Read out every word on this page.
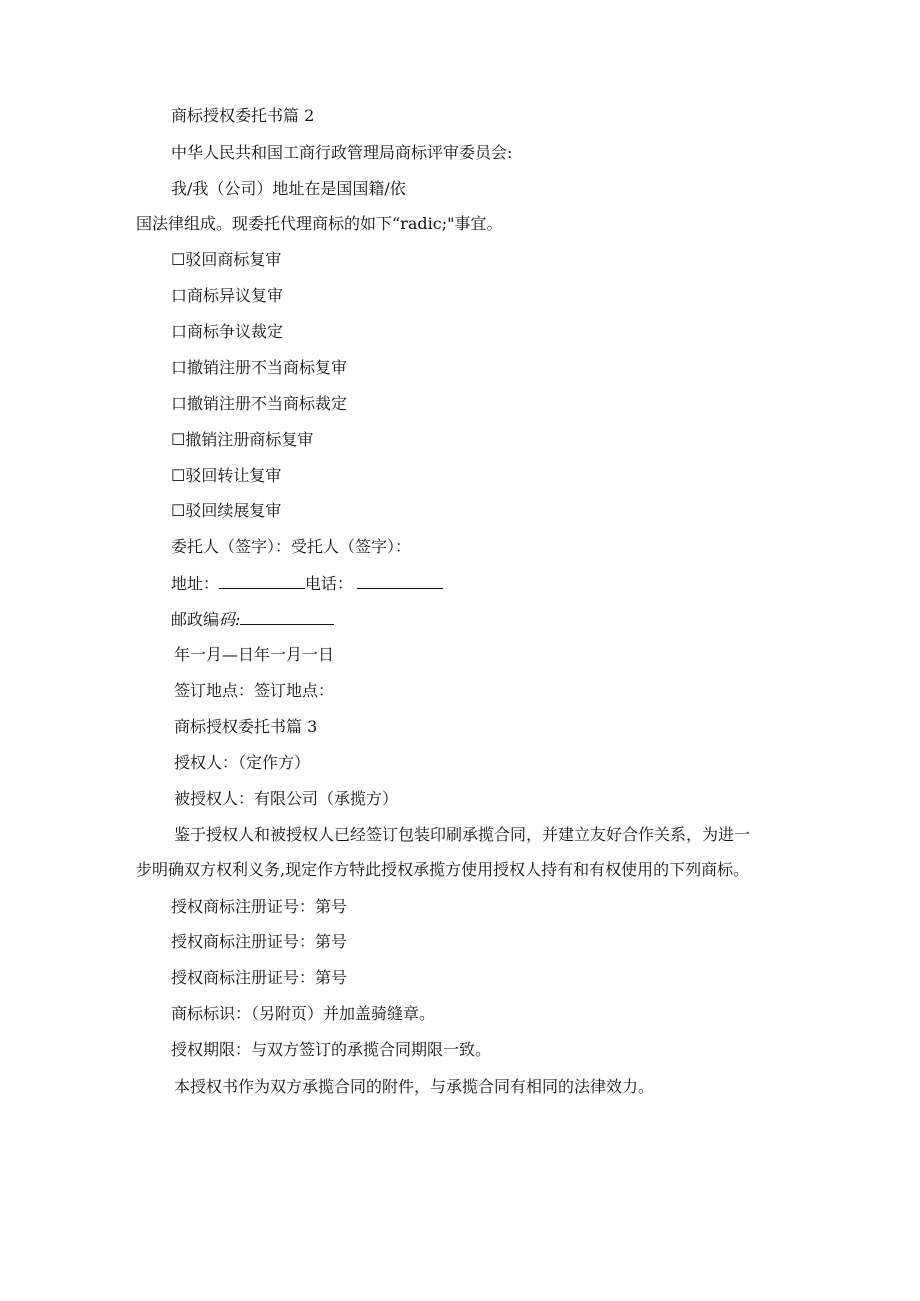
商标授权委托书篇 2
中华人民共和国工商行政管理局商标评审委员会:
我/我（公司）地址在是国国籍/依
国法律组成。现委托代理商标的如下“radic;"事宜。
☐驳回商标复审
口商标异议复审
口商标争议裁定
口撤销注册不当商标复审
口撤销注册不当商标裁定
☐撤销注册商标复审
☐驳回转让复审
☐驳回续展复审
委托人（签字）：受托人（签字）：
地址：	电话：
邮政编码:
年一月—日年一月一日
签订地点：签订地点：
商标授权委托书篇 3
授权人：（定作方）
被授权人：有限公司（承揽方）
鉴于授权人和被授权人已经签订包装印刷承揽合同，并建立友好合作关系，为进一
步明确双方权利义务,现定作方特此授权承揽方使用授权人持有和有权使用的下列商标。
授权商标注册证号：第号
授权商标注册证号：第号
授权商标注册证号：第号
商标标识：（另附页）并加盖骑缝章。
授权期限：与双方签订的承揽合同期限一致。
本授权书作为双方承揽合同的附件，与承揽合同有相同的法律效力。
